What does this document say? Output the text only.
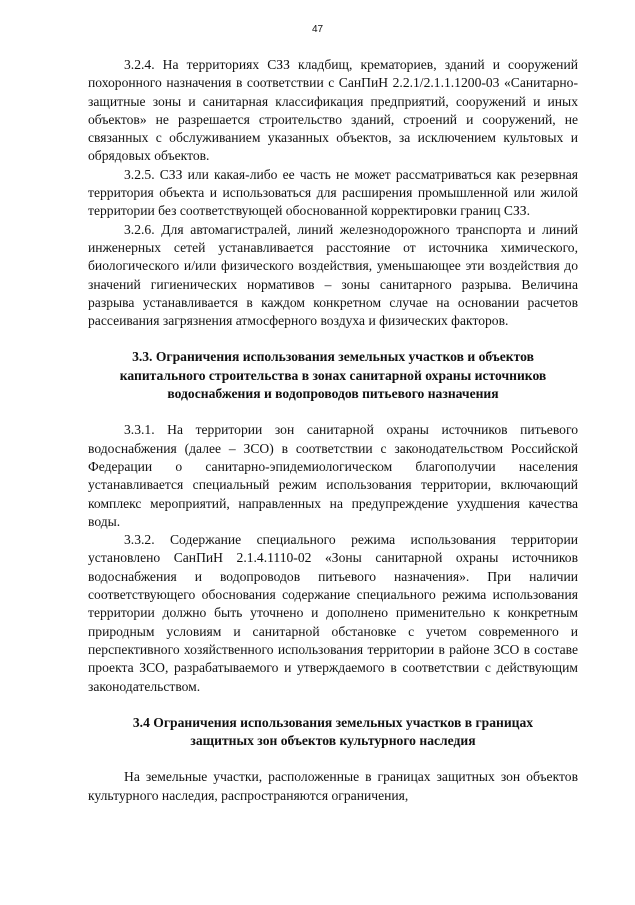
47

3.2.4. На территориях СЗЗ кладбищ, крематориев, зданий и сооружений похоронного назначения в соответствии с СанПиН 2.2.1/2.1.1.1200-03 «Санитарно-защитные зоны и санитарная классификация предприятий, сооружений и иных объектов» не разрешается строительство зданий, строений и сооружений, не связанных с обслуживанием указанных объектов, за исключением культовых и обрядовых объектов.

3.2.5. СЗЗ или какая-либо ее часть не может рассматриваться как резервная территория объекта и использоваться для расширения промышленной или жилой территории без соответствующей обоснованной корректировки границ СЗЗ.

3.2.6. Для автомагистралей, линий железнодорожного транспорта и линий инженерных сетей устанавливается расстояние от источника химического, биологического и/или физического воздействия, уменьшающее эти воздействия до значений гигиенических нормативов – зоны санитарного разрыва. Величина разрыва устанавливается в каждом конкретном случае на основании расчетов рассеивания загрязнения атмосферного воздуха и физических факторов.

3.3. Ограничения использования земельных участков и объектов капитального строительства в зонах санитарной охраны источников водоснабжения и водопроводов питьевого назначения

3.3.1. На территории зон санитарной охраны источников питьевого водоснабжения (далее – ЗСО) в соответствии с законодательством Российской Федерации о санитарно-эпидемиологическом благополучии населения устанавливается специальный режим использования территории, включающий комплекс мероприятий, направленных на предупреждение ухудшения качества воды.

3.3.2. Содержание специального режима использования территории установлено СанПиН 2.1.4.1110-02 «Зоны санитарной охраны источников водоснабжения и водопроводов питьевого назначения». При наличии соответствующего обоснования содержание специального режима использования территории должно быть уточнено и дополнено применительно к конкретным природным условиям и санитарной обстановке с учетом современного и перспективного хозяйственного использования территории в районе ЗСО в составе проекта ЗСО, разрабатываемого и утверждаемого в соответствии с действующим законодательством.

3.4 Ограничения использования земельных участков в границах защитных зон объектов культурного наследия

На земельные участки, расположенные в границах защитных зон объектов культурного наследия, распространяются ограничения,
